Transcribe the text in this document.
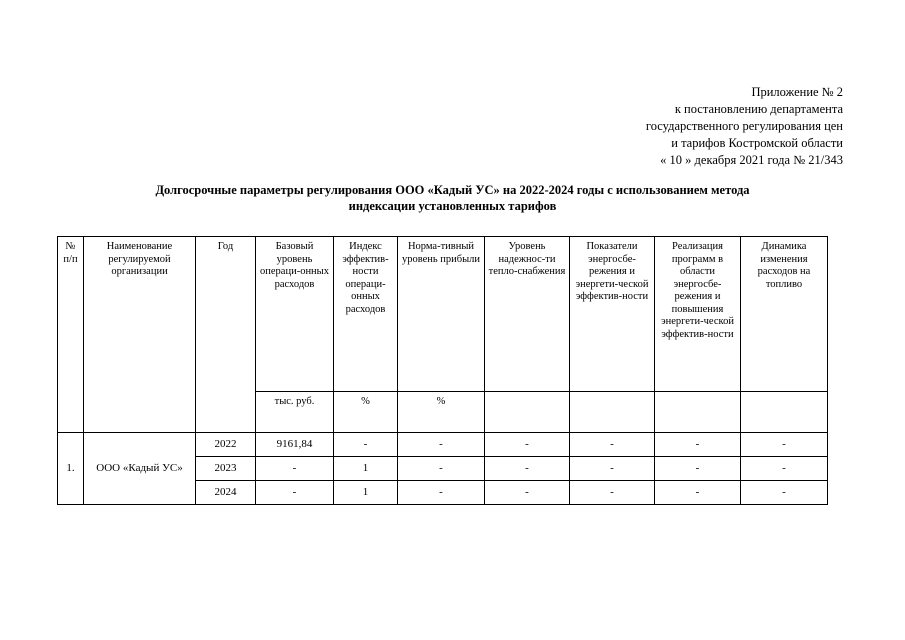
Приложение № 2
к постановлению департамента
государственного регулирования цен
и тарифов Костромской области
« 10 » декабря 2021 года № 21/343
Долгосрочные параметры регулирования ООО «Кадый УС» на 2022-2024 годы с использованием метода
индексации установленных тарифов
№ п/п	Наименование регулируемой организации	Год	Базовый уровень операци-онных расходов	Индекс эффектив-ности операци-онных расходов	Норма-тивный уровень прибыли	Уровень надежнос-ти тепло-снабжения	Показатели энергосбе-режения и энергети-ческой эффектив-ности	Реализация программ в области энергосбе-режения и повышения энергети-ческой эффектив-ности	Динамика изменения расходов на топливо
			тыс. руб.	%	%				
1.	ООО «Кадый УС»	2022	9161,84	-	-	-	-	-	-
		2023	-	1	-	-	-	-	-
		2024	-	1	-	-	-	-	-
